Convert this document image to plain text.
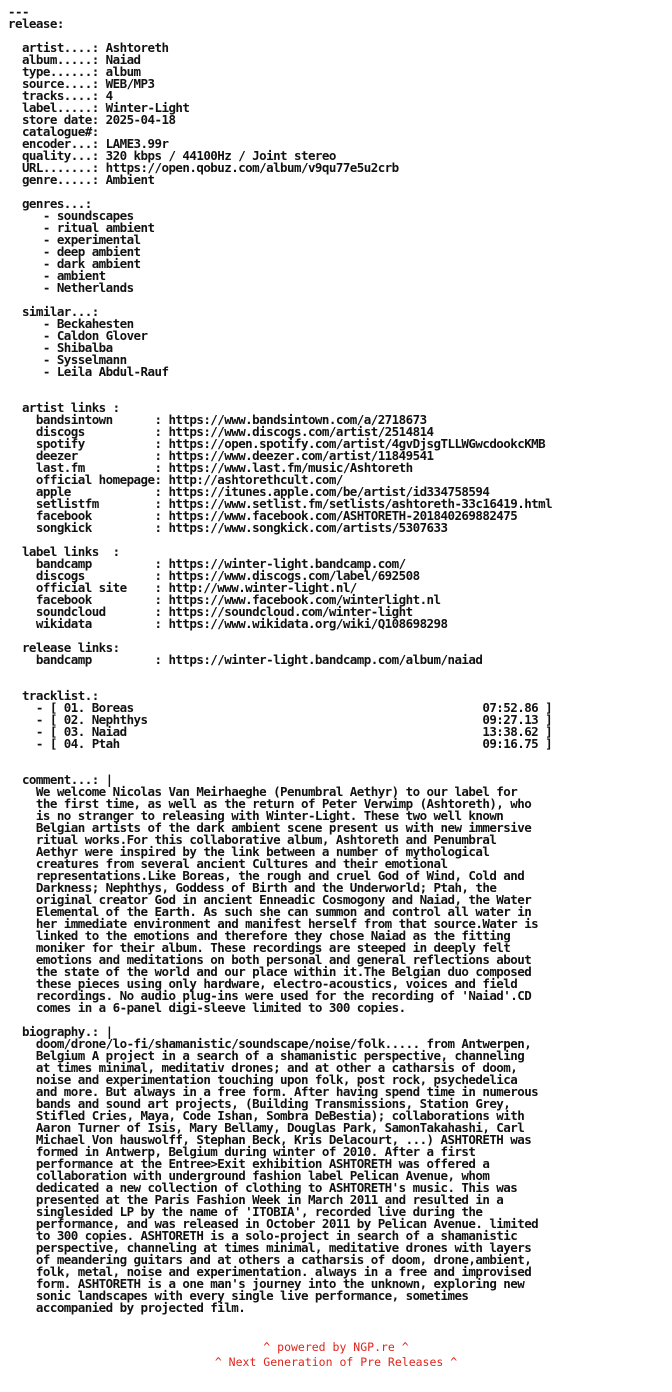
---
release:
artist....: Ashtoreth
album.....: Naiad
type......: album
source....: WEB/MP3
tracks....: 4
label.....: Winter-Light
store date: 2025-04-18
catalogue#:
encoder...: LAME3.99r
quality...: 320 kbps / 44100Hz / Joint stereo
URL.......: https://open.qobuz.com/album/v9qu77e5u2crb
genre.....: Ambient
genres...:
- soundscapes
- ritual ambient
- experimental
- deep ambient
- dark ambient
- ambient
- Netherlands
similar...:
- Beckahesten
- Caldon Glover
- Shibalba
- Sysselmann
- Leila Abdul-Rauf
artist links :
bandsintown      : https://www.bandsintown.com/a/2718673
discogs          : https://www.discogs.com/artist/2514814
spotify          : https://open.spotify.com/artist/4gvDjsgTLLWGwcdookcKMB
deezer           : https://www.deezer.com/artist/11849541
last.fm          : https://www.last.fm/music/Ashtoreth
official homepage: http://ashtorethcult.com/
apple            : https://itunes.apple.com/be/artist/id334758594
setlistfm        : https://www.setlist.fm/setlists/ashtoreth-33c16419.html
facebook         : https://www.facebook.com/ASHTORETH-201840269882475
songkick         : https://www.songkick.com/artists/5307633
label links  :
bandcamp         : https://winter-light.bandcamp.com/
discogs          : https://www.discogs.com/label/692508
official site    : http://www.winter-light.nl/
facebook         : https://www.facebook.com/winterlight.nl
soundcloud       : https://soundcloud.com/winter-light
wikidata         : https://www.wikidata.org/wiki/Q108698298
release links:
bandcamp         : https://winter-light.bandcamp.com/album/naiad
tracklist.:
- [ 01. Boreas                                                  07:52.86 ]
- [ 02. Nephthys                                                09:27.13 ]
- [ 03. Naiad                                                   13:38.62 ]
- [ 04. Ptah                                                    09:16.75 ]
comment...: |
We welcome Nicolas Van Meirhaeghe (Penumbral Aethyr) to our label for
the first time, as well as the return of Peter Verwimp (Ashtoreth), who
is no stranger to releasing with Winter-Light. These two well known
Belgian artists of the dark ambient scene present us with new immersive
ritual works.For this collaborative album, Ashtoreth and Penumbral
Aethyr were inspired by the link between a number of mythological
creatures from several ancient Cultures and their emotional
representations.Like Boreas, the rough and cruel God of Wind, Cold and
Darkness; Nephthys, Goddess of Birth and the Underworld; Ptah, the
original creator God in ancient Enneadic Cosmogony and Naiad, the Water
Elemental of the Earth. As such she can summon and control all water in
her immediate environment and manifest herself from that source.Water is
linked to the emotions and therefore they chose Naiad as the fitting
moniker for their album. These recordings are steeped in deeply felt
emotions and meditations on both personal and general reflections about
the state of the world and our place within it.The Belgian duo composed
these pieces using only hardware, electro-acoustics, voices and field
recordings. No audio plug-ins were used for the recording of 'Naiad'.CD
comes in a 6-panel digi-sleeve limited to 300 copies.
biography.: |
doom/drone/lo-fi/shamanistic/soundscape/noise/folk..... from Antwerpen,
Belgium A project in a search of a shamanistic perspective, channeling
at times minimal, meditativ drones; and at other a catharsis of doom,
noise and experimentation touching upon folk, post rock, psychedelica
and more. But always in a free form. After having spend time in numerous
bands and sound art projects, (Building Transmissions, Station Grey,
Stifled Cries, Maya, Code Ishan, Sombra DeBestia); collaborations with
Aaron Turner of Isis, Mary Bellamy, Douglas Park, SamonTakahashi, Carl
Michael Von hauswolff, Stephan Beck, Kris Delacourt, ...) ASHTORETH was
formed in Antwerp, Belgium during winter of 2010. After a first
performance at the Entree>Exit exhibition ASHTORETH was offered a
collaboration with underground fashion label Pelican Avenue, whom
dedicated a new collection of clothing to ASHTORETH's music. This was
presented at the Paris Fashion Week in March 2011 and resulted in a
singlesided LP by the name of 'ITOBIA', recorded live during the
performance, and was released in October 2011 by Pelican Avenue. limited
to 300 copies. ASHTORETH is a solo-project in search of a shamanistic
perspective, channeling at times minimal, meditative drones with layers
of meandering guitars and at others a catharsis of doom, drone,ambient,
folk, metal, noise and experimentation. always in a free and improvised
form. ASHTORETH is a one man's journey into the unknown, exploring new
sonic landscapes with every single live performance, sometimes
accompanied by projected film.
^ powered by NGP.re ^
^ Next Generation of Pre Releases ^
